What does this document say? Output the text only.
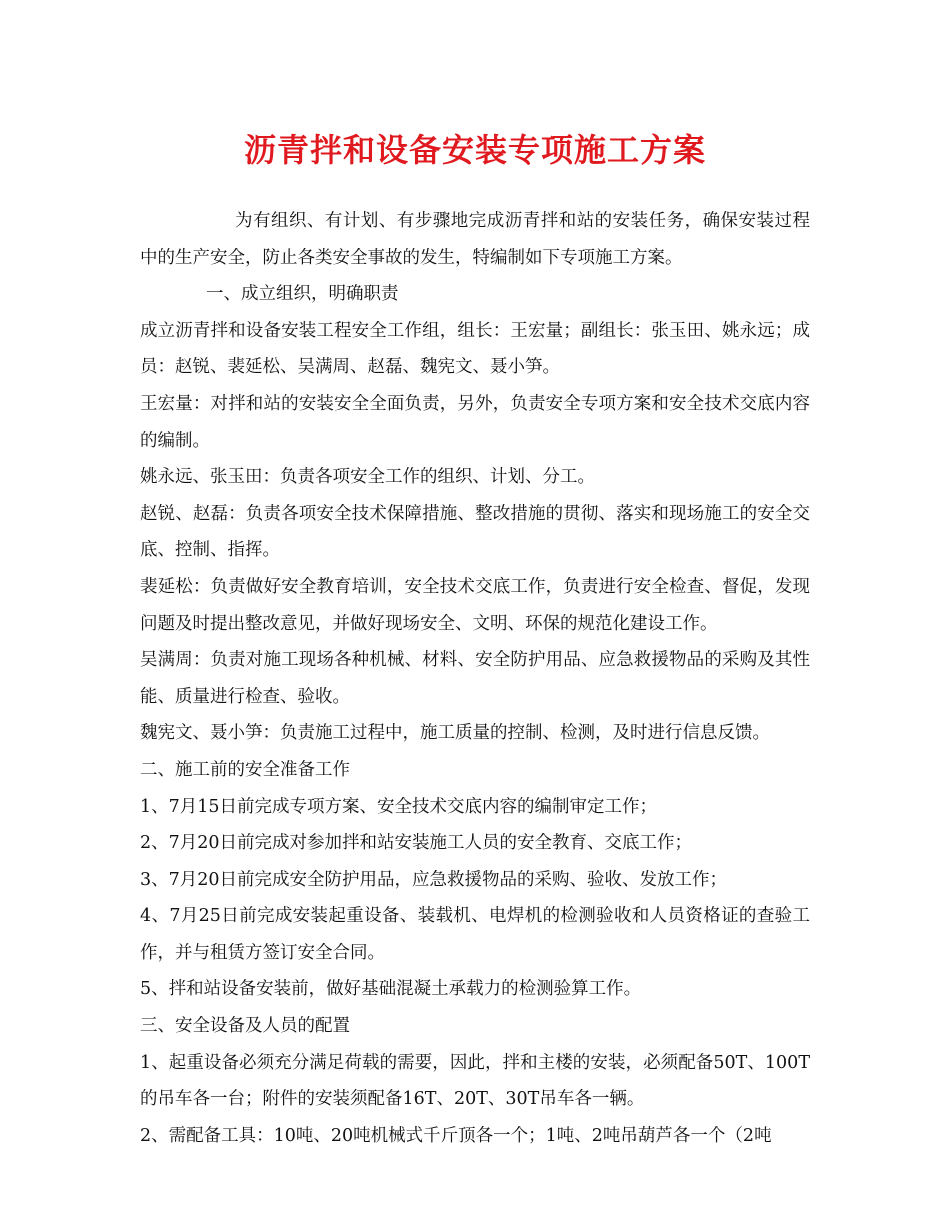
沥青拌和设备安装专项施工方案

为有组织、有计划、有步骤地完成沥青拌和站的安装任务，确保安装过程中的生产安全，防止各类安全事故的发生，特编制如下专项施工方案。

一、成立组织，明确职责

成立沥青拌和设备安装工程安全工作组，组长：王宏量；副组长：张玉田、姚永远；成员：赵锐、裴延松、吴满周、赵磊、魏宪文、聂小笋。

王宏量：对拌和站的安装安全全面负责，另外，负责安全专项方案和安全技术交底内容的编制。

姚永远、张玉田：负责各项安全工作的组织、计划、分工。

赵锐、赵磊：负责各项安全技术保障措施、整改措施的贯彻、落实和现场施工的安全交底、控制、指挥。

裴延松：负责做好安全教育培训，安全技术交底工作，负责进行安全检查、督促，发现问题及时提出整改意见，并做好现场安全、文明、环保的规范化建设工作。

吴满周：负责对施工现场各种机械、材料、安全防护用品、应急救援物品的采购及其性能、质量进行检查、验收。

魏宪文、聂小笋：负责施工过程中，施工质量的控制、检测，及时进行信息反馈。

二、施工前的安全准备工作

1、7月15日前完成专项方案、安全技术交底内容的编制审定工作；

2、7月20日前完成对参加拌和站安装施工人员的安全教育、交底工作；

3、7月20日前完成安全防护用品，应急救援物品的采购、验收、发放工作；

4、7月25日前完成安装起重设备、装载机、电焊机的检测验收和人员资格证的查验工作，并与租赁方签订安全合同。

5、拌和站设备安装前，做好基础混凝土承载力的检测验算工作。

三、安全设备及人员的配置

1、起重设备必须充分满足荷载的需要，因此，拌和主楼的安装，必须配备50T、100T的吊车各一台；附件的安装须配备16T、20T、30T吊车各一辆。

2、需配备工具：10吨、20吨机械式千斤顶各一个；1吨、2吨吊葫芦各一个（2吨
